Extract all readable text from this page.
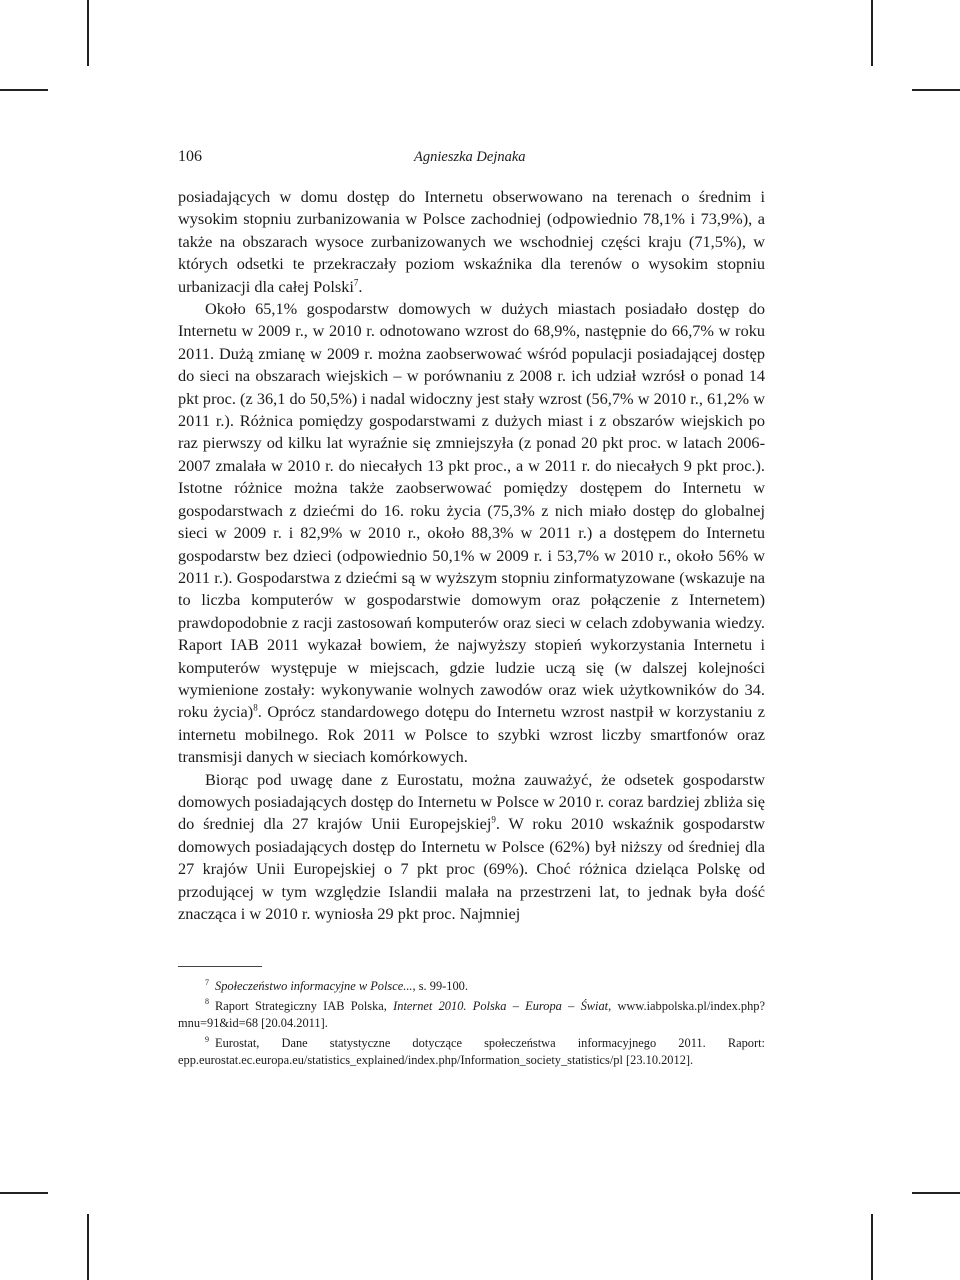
106	Agnieszka Dejnaka

posiadających w domu dostęp do Internetu obserwowano na terenach o średnim i wysokim stopniu zurbanizowania w Polsce zachodniej (odpowiednio 78,1% i 73,9%), a także na obszarach wysoce zurbanizowanych we wschodniej części kraju (71,5%), w których odsetki te przekraczały poziom wskaźnika dla terenów o wysokim stopniu urbanizacji dla całej Polski$^7$.

Około 65,1% gospodarstw domowych w dużych miastach posiadało dostęp do Internetu w 2009 r., w 2010 r. odnotowano wzrost do 68,9%, następnie do 66,7% w roku 2011. Dużą zmianę w 2009 r. można zaobserwować wśród populacji posiadającej dostęp do sieci na obszarach wiejskich – w porównaniu z 2008 r. ich udział wzrósł o ponad 14 pkt proc. (z 36,1 do 50,5%) i nadal widoczny jest stały wzrost (56,7% w 2010 r., 61,2% w 2011 r.). Różnica pomiędzy gospodarstwami z dużych miast i z obszarów wiejskich po raz pierwszy od kilku lat wyraźnie się zmniejszyła (z ponad 20 pkt proc. w latach 2006-2007 zmalała w 2010 r. do niecałych 13 pkt proc., a w 2011 r. do niecałych 9 pkt proc.). Istotne różnice można także zaobserwować pomiędzy dostępem do Internetu w gospodarstwach z dziećmi do 16. roku życia (75,3% z nich miało dostęp do globalnej sieci w 2009 r. i 82,9% w 2010 r., około 88,3% w 2011 r.) a dostępem do Internetu gospodarstw bez dzieci (odpowiednio 50,1% w 2009 r. i 53,7% w 2010 r., około 56% w 2011 r.). Gospodarstwa z dziećmi są w wyższym stopniu zinformatyzowane (wskazuje na to liczba komputerów w gospodarstwie domowym oraz połączenie z Internetem) prawdopodobnie z racji zastosowań komputerów oraz sieci w celach zdobywania wiedzy. Raport IAB 2011 wykazał bowiem, że najwyższy stopień wykorzystania Internetu i komputerów występuje w miejscach, gdzie ludzie uczą się (w dalszej kolejności wymienione zostały: wykonywanie wolnych zawodów oraz wiek użytkowników do 34. roku życia)$^8$. Oprócz standardowego dotępu do Internetu wzrost nastpił w korzystaniu z internetu mobilnego. Rok 2011 w Polsce to szybki wzrost liczby smartfonów oraz transmisji danych w sieciach komórkowych.

Biorąc pod uwagę dane z Eurostatu, można zauważyć, że odsetek gospodarstw domowych posiadających dostęp do Internetu w Polsce w 2010 r. coraz bardziej zbliża się do średniej dla 27 krajów Unii Europejskiej$^9$. W roku 2010 wskaźnik gospodarstw domowych posiadających dostęp do Internetu w Polsce (62%) był niższy od średniej dla 27 krajów Unii Europejskiej o 7 pkt proc (69%). Choć różnica dzieląca Polskę od przodującej w tym względzie Islandii malała na przestrzeni lat, to jednak była dość znacząca i w 2010 r. wyniosła 29 pkt proc. Najmniej

$^7$ Społeczeństwo informacyjne w Polsce..., s. 99-100.

$^8$ Raport Strategiczny IAB Polska, Internet 2010. Polska – Europa – Świat, www.iabpolska.pl/index.php?mnu=91&id=68 [20.04.2011].

$^9$ Eurostat, Dane statystyczne dotyczące społeczeństwa informacyjnego 2011. Raport: epp.eurostat.ec.europa.eu/statistics_explained/index.php/Information_society_statistics/pl [23.10.2012].
